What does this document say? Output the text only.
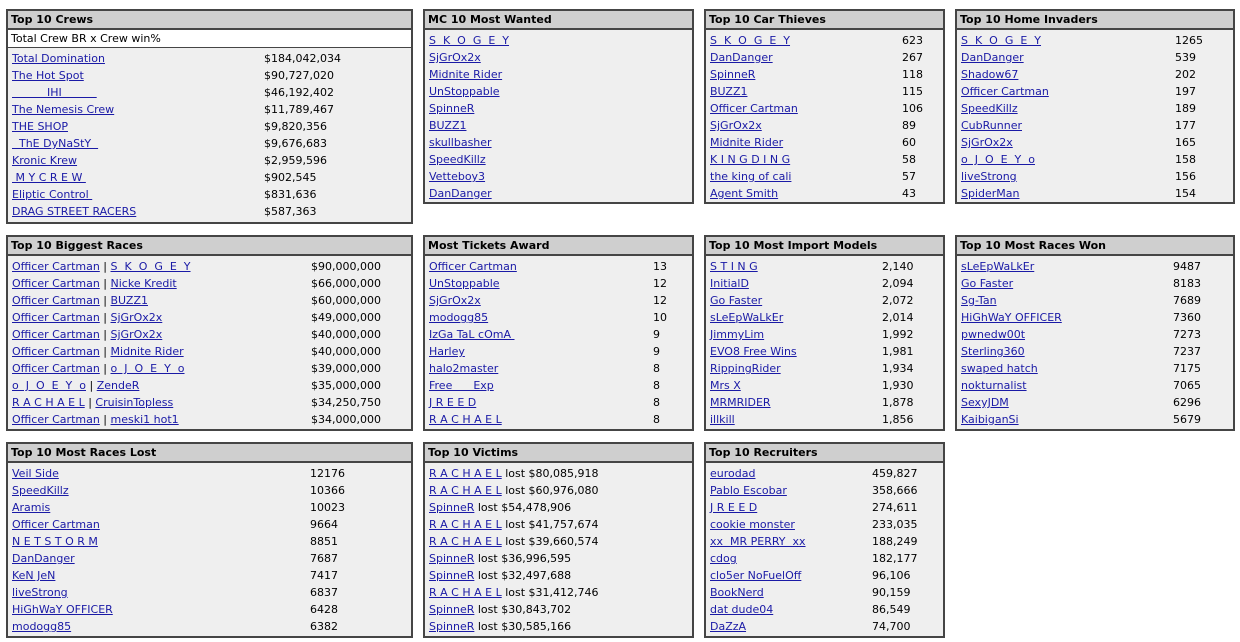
Top 10 Crews
Total Crew BR x Crew win%
Total Domination	$184,042,034
The Hot Spot	$90,727,020
IHI	$46,192,402
The Nemesis Crew	$11,789,467
THE SHOP	$9,820,356
ThE DyNaStY	$9,676,683
Kronic Krew	$2,959,596
M Y C R E W	$902,545
Eliptic Control	$831,636
DRAG STREET RACERS	$587,363
MC 10 Most Wanted
S  K  O  G  E  Y
SjGrOx2x
Midnite Rider
UnStoppable
SpinneR
BUZZ1
skullbasher
SpeedKillz
Vetteboy3
DanDanger
Top 10 Car Thieves
S  K  O  G  E  Y	623
DanDanger	267
SpinneR	118
BUZZ1	115
Officer Cartman	106
SjGrOx2x	89
Midnite Rider	60
K I N G D I N G	58
the king of cali	57
Agent Smith	43
Top 10 Home Invaders
S  K  O  G  E  Y	1265
DanDanger	539
Shadow67	202
Officer Cartman	197
SpeedKillz	189
CubRunner	177
SjGrOx2x	165
o  J  O  E  Y  o	158
liveStrong	156
SpiderMan	154
Top 10 Biggest Races
Officer Cartman | S  K  O  G  E  Y	$90,000,000
Officer Cartman | Nicke Kredit	$66,000,000
Officer Cartman | BUZZ1	$60,000,000
Officer Cartman | SjGrOx2x	$49,000,000
Officer Cartman | SjGrOx2x	$40,000,000
Officer Cartman | Midnite Rider	$40,000,000
Officer Cartman | o  J  O  E  Y  o	$39,000,000
o  J  O  E  Y  o | ZendeR	$35,000,000
R A C H A E L | CruisinTopless	$34,250,750
Officer Cartman | meski1 hot1	$34,000,000
Most Tickets Award
Officer Cartman	13
UnStoppable	12
SjGrOx2x	12
modogg85	10
IzGa TaL cOmA	9
Harley	9
halo2master	8
Free      Exp	8
J R E E D	8
R A C H A E L	8
Top 10 Most Import Models
S T I N G	2,140
InitialD	2,094
Go Faster	2,072
sLeEpWaLkEr	2,014
JimmyLim	1,992
EVO8 Free Wins	1,981
RippingRider	1,934
Mrs X	1,930
MRMRIDER	1,878
illkill	1,856
Top 10 Most Races Won
sLeEpWaLkEr	9487
Go Faster	8183
Sg-Tan	7689
HiGhWaY OFFICER	7360
pwnedw00t	7273
Sterling360	7237
swaped hatch	7175
nokturnalist	7065
SexyJDM	6296
KaibiganSi	5679
Top 10 Most Races Lost
Veil Side	12176
SpeedKillz	10366
Aramis	10023
Officer Cartman	9664
N E T S T O R M	8851
DanDanger	7687
KeN JeN	7417
liveStrong	6837
HiGhWaY OFFICER	6428
modogg85	6382
Top 10 Victims
R A C H A E L lost $80,085,918
R A C H A E L lost $60,976,080
SpinneR lost $54,478,906
R A C H A E L lost $41,757,674
R A C H A E L lost $39,660,574
SpinneR lost $36,996,595
SpinneR lost $32,497,688
R A C H A E L lost $31,412,746
SpinneR lost $30,843,702
SpinneR lost $30,585,166
Top 10 Recruiters
eurodad	459,827
Pablo Escobar	358,666
J R E E D	274,611
cookie monster	233,035
xx  MR PERRY  xx	188,249
cdog	182,177
clo5er NoFuelOff	96,106
BookNerd	90,159
dat dude04	86,549
DaZzA	74,700
